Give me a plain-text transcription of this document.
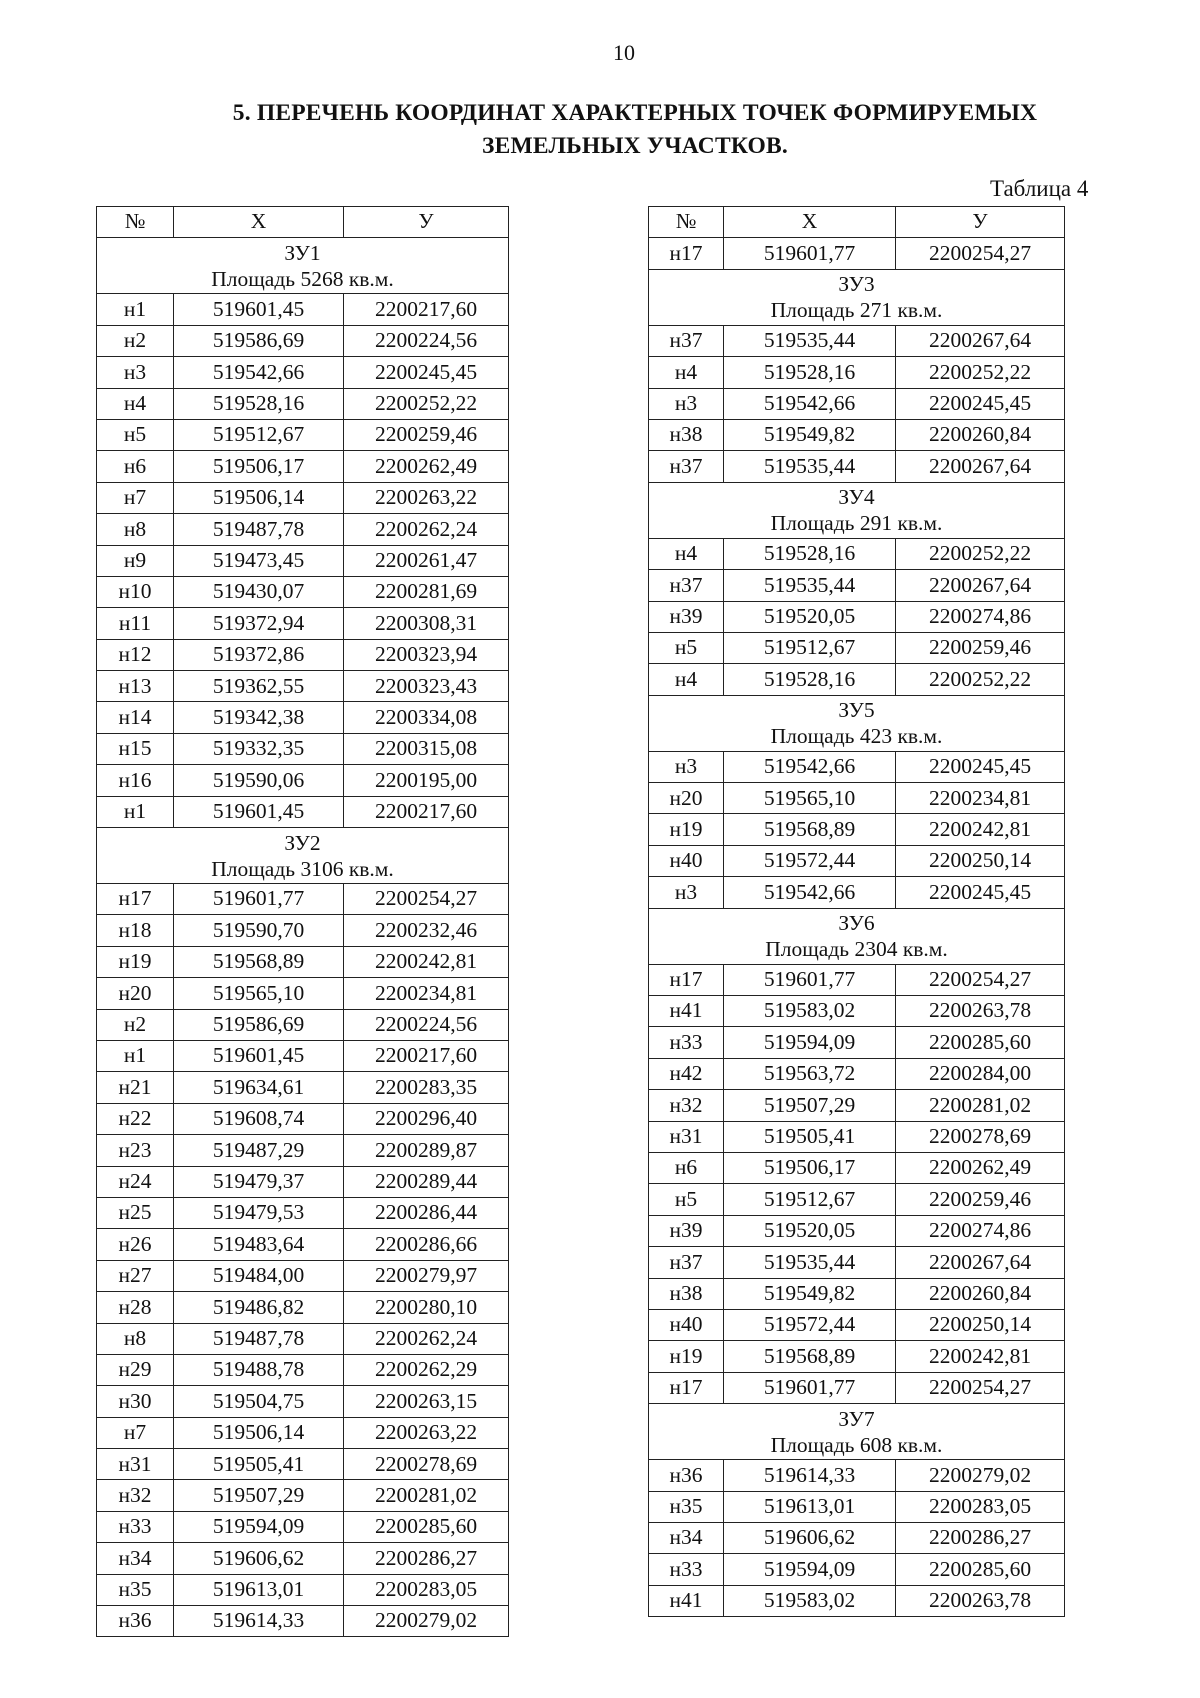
10
5. ПЕРЕЧЕНЬ КООРДИНАТ ХАРАКТЕРНЫХ ТОЧЕК ФОРМИРУЕМЫХ
ЗЕМЕЛЬНЫХ УЧАСТКОВ.
Таблица 4
№	X	У

ЗУ1
Площадь 5268 кв.м.		

н1	519601,45	2200217,60
н2	519586,69	2200224,56
н3	519542,66	2200245,45
н4	519528,16	2200252,22
н5	519512,67	2200259,46
н6	519506,17	2200262,49
н7	519506,14	2200263,22
н8	519487,78	2200262,24
н9	519473,45	2200261,47
н10	519430,07	2200281,69
н11	519372,94	2200308,31
н12	519372,86	2200323,94
н13	519362,55	2200323,43
н14	519342,38	2200334,08
н15	519332,35	2200315,08
н16	519590,06	2200195,00
н1	519601,45	2200217,60

ЗУ2
Площадь 3106 кв.м.		

н17	519601,77	2200254,27
н18	519590,70	2200232,46
н19	519568,89	2200242,81
н20	519565,10	2200234,81
н2	519586,69	2200224,56
н1	519601,45	2200217,60
н21	519634,61	2200283,35
н22	519608,74	2200296,40
н23	519487,29	2200289,87
н24	519479,37	2200289,44
н25	519479,53	2200286,44
н26	519483,64	2200286,66
н27	519484,00	2200279,97
н28	519486,82	2200280,10
н8	519487,78	2200262,24
н29	519488,78	2200262,29
н30	519504,75	2200263,15
н7	519506,14	2200263,22
н31	519505,41	2200278,69
н32	519507,29	2200281,02
н33	519594,09	2200285,60
н34	519606,62	2200286,27
н35	519613,01	2200283,05
н36	519614,33	2200279,02
№	X	У
н17	519601,77	2200254,27

ЗУ3
Площадь 271 кв.м.		

н37	519535,44	2200267,64
н4	519528,16	2200252,22
н3	519542,66	2200245,45
н38	519549,82	2200260,84
н37	519535,44	2200267,64

ЗУ4
Площадь 291 кв.м.		

н4	519528,16	2200252,22
н37	519535,44	2200267,64
н39	519520,05	2200274,86
н5	519512,67	2200259,46
н4	519528,16	2200252,22

ЗУ5
Площадь 423 кв.м.		

н3	519542,66	2200245,45
н20	519565,10	2200234,81
н19	519568,89	2200242,81
н40	519572,44	2200250,14
н3	519542,66	2200245,45

ЗУ6
Площадь 2304 кв.м.		

н17	519601,77	2200254,27
н41	519583,02	2200263,78
н33	519594,09	2200285,60
н42	519563,72	2200284,00
н32	519507,29	2200281,02
н31	519505,41	2200278,69
н6	519506,17	2200262,49
н5	519512,67	2200259,46
н39	519520,05	2200274,86
н37	519535,44	2200267,64
н38	519549,82	2200260,84
н40	519572,44	2200250,14
н19	519568,89	2200242,81
н17	519601,77	2200254,27

ЗУ7
Площадь 608 кв.м.		

н36	519614,33	2200279,02
н35	519613,01	2200283,05
н34	519606,62	2200286,27
н33	519594,09	2200285,60
н41	519583,02	2200263,78
